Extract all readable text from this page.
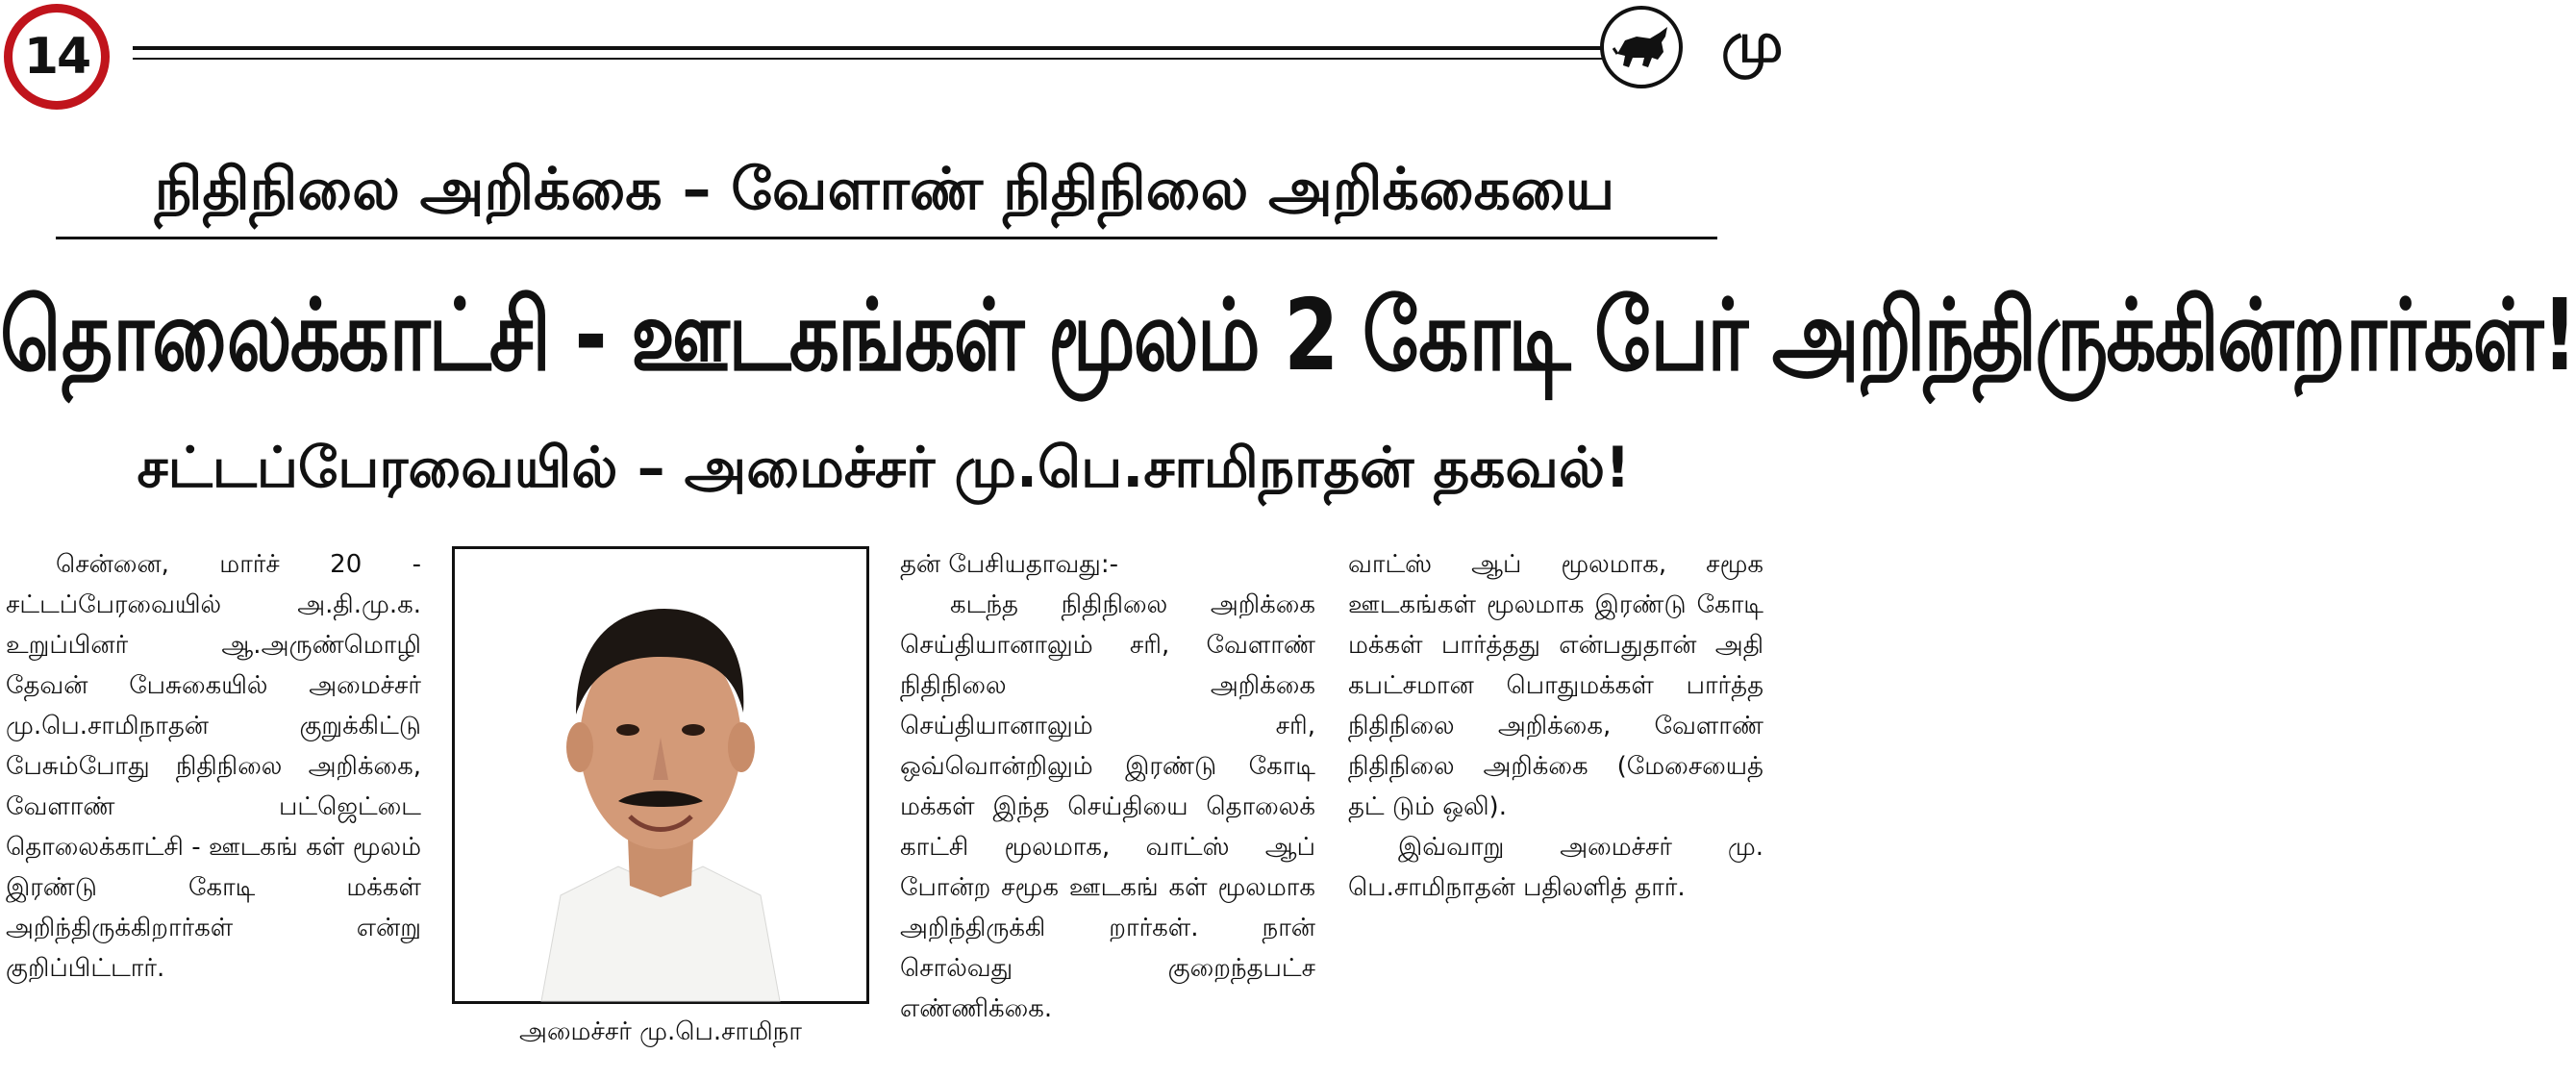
14	மு
நிதிநிலை அறிக்கை – வேளாண் நிதிநிலை அறிக்கையை
தொலைக்காட்சி - ஊடகங்கள் மூலம் 2 கோடி பேர் அறிந்திருக்கின்றார்கள்!
சட்டப்பேரவையில் – அமைச்சர் மு.பெ.சாமிநாதன் தகவல்!

சென்னை, மார்ச் 20 - சட்டப்பேரவையில் அ.தி.மு.க. உறுப்பினர் ஆ.அருண்மொழி தேவன் பேசுகையில் அமைச்சர் மு.பெ.சாமிநாதன் குறுக்கிட்டு பேசும்போது நிதிநிலை அறிக்கை, வேளாண் பட்ஜெட்டை தொலைக்காட்சி - ஊடகங் கள் மூலம் இரண்டு கோடி மக்கள் அறிந்திருக்கிறார்கள் என்று குறிப்பிட்டார்.

அமைச்சர் மு.பெ.சாமிநா

தன் பேசியதாவது:-

கடந்த நிதிநிலை அறிக்கை செய்தியானாலும் சரி, வேளாண் நிதிநிலை அறிக்கை செய்தியானாலும் சரி, ஒவ்வொன்றிலும் இரண்டு கோடி மக்கள் இந்த செய்தியை தொலைக் காட்சி மூலமாக, வாட்ஸ் ஆப் போன்ற சமூக ஊடகங் கள் மூலமாக அறிந்திருக்கி றார்கள். நான் சொல்வது குறைந்தபட்ச எண்ணிக்கை.

வாட்ஸ் ஆப் மூலமாக, சமூக ஊடகங்கள் மூலமாக இரண்டு கோடி மக்கள் பார்த்தது என்பதுதான் அதி கபட்சமான பொதுமக்கள் பார்த்த நிதிநிலை அறிக்கை, வேளாண் நிதிநிலை அறிக்கை (மேசையைத் தட் டும் ஒலி).

இவ்வாறு அமைச்சர் மு. பெ.சாமிநாதன் பதிலளித் தார்.
